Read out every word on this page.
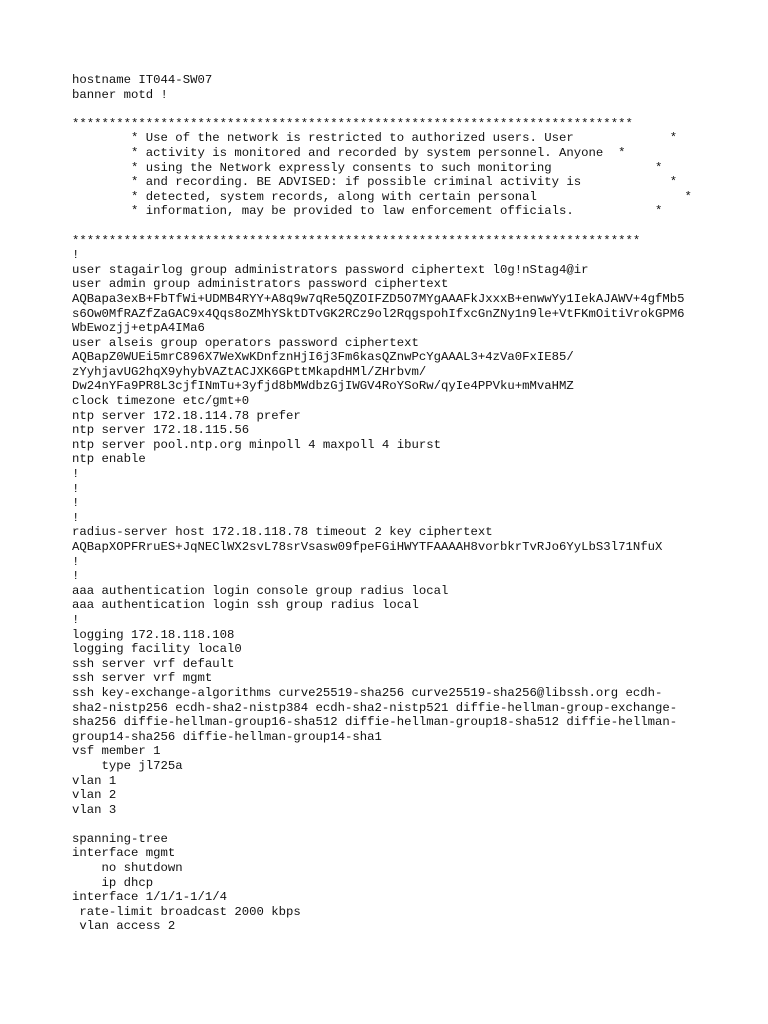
hostname IT044-SW07
banner motd !
****************************************************************************
* Use of the network is restricted to authorized users. User             *
* activity is monitored and recorded by system personnel. Anyone  *
* using the Network expressly consents to such monitoring              *
* and recording. BE ADVISED: if possible criminal activity is            *
* detected, system records, along with certain personal                    *
* information, may be provided to law enforcement officials.           *
*****************************************************************************
!
user stagairlog group administrators password ciphertext l0g!nStag4@ir
user admin group administrators password ciphertext
AQBapa3exB+FbTfWi+UDMB4RYY+A8q9w7qRe5QZOIFZD5O7MYgAAAFkJxxxB+enwwYy1IekAJAWV+4gfMb5
s6Ow0MfRAZfZaGAC9x4Qqs8oZMhYSktDTvGK2RCz9ol2RqgspohIfxcGnZNy1n9le+VtFKmOitiVrokGPM6
WbEwozjj+etpA4IMa6
user alseis group operators password ciphertext
AQBapZ0WUEi5mrC896X7WeXwKDnfznHjI6j3Fm6kasQZnwPcYgAAAL3+4zVa0FxIE85/
zYyhjavUG2hqX9yhybVAZtACJXK6GPttMkapdHMl/ZHrbvm/
Dw24nYFa9PR8L3cjfINmTu+3yfjd8bMWdbzGjIWGV4RoYSoRw/qyIe4PPVku+mMvaHMZ
clock timezone etc/gmt+0
ntp server 172.18.114.78 prefer
ntp server 172.18.115.56
ntp server pool.ntp.org minpoll 4 maxpoll 4 iburst
ntp enable
!
!
!
!
radius-server host 172.18.118.78 timeout 2 key ciphertext
AQBapXOPFRruES+JqNEClWX2svL78srVsasw09fpeFGiHWYTFAAAAH8vorbkrTvRJo6YyLbS3l71NfuX
!
!
aaa authentication login console group radius local
aaa authentication login ssh group radius local
!
logging 172.18.118.108
logging facility local0
ssh server vrf default
ssh server vrf mgmt
ssh key-exchange-algorithms curve25519-sha256 curve25519-sha256@libssh.org ecdh-
sha2-nistp256 ecdh-sha2-nistp384 ecdh-sha2-nistp521 diffie-hellman-group-exchange-
sha256 diffie-hellman-group16-sha512 diffie-hellman-group18-sha512 diffie-hellman-
group14-sha256 diffie-hellman-group14-sha1
vsf member 1
type jl725a
vlan 1
vlan 2
vlan 3
spanning-tree
interface mgmt
no shutdown
ip dhcp
interface 1/1/1-1/1/4
rate-limit broadcast 2000 kbps
vlan access 2
